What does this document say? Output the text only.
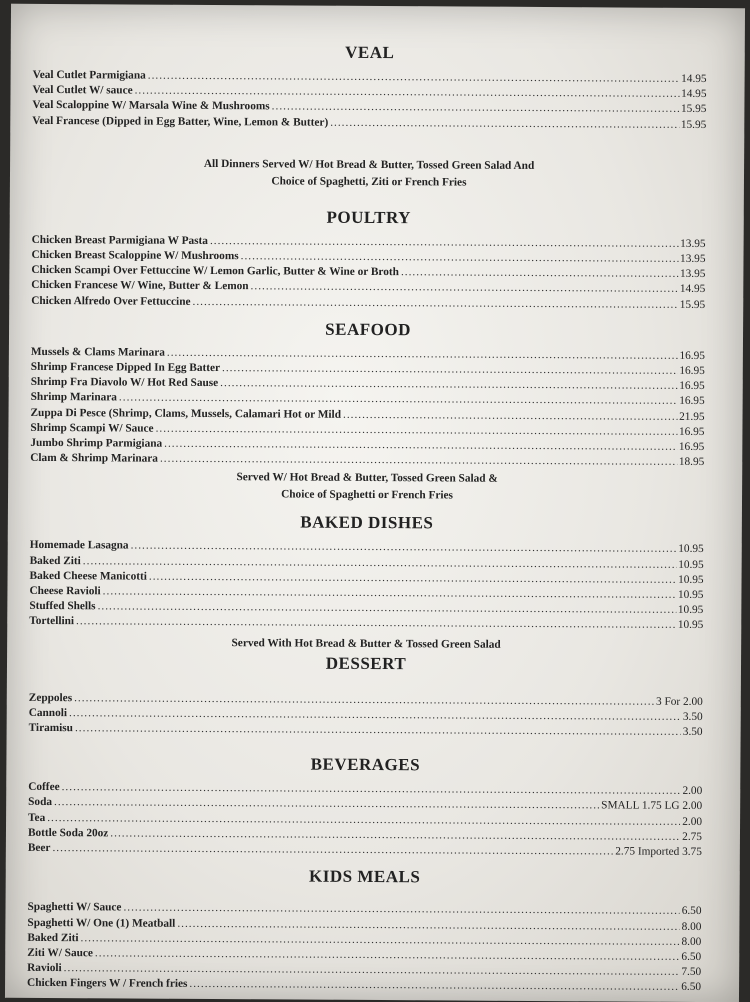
VEAL
Veal Cutlet Parmigiana .....	14.95
Veal Cutlet W/ sauce .....	14.95
Veal Scaloppine W/ Marsala Wine & Mushrooms .....	15.95
Veal Francese (Dipped in Egg Batter, Wine, Lemon & Butter) .....	15.95
All Dinners Served W/ Hot Bread & Butter, Tossed Green Salad And
Choice of Spaghetti, Ziti or French Fries
POULTRY
Chicken Breast Parmigiana W Pasta .....	13.95
Chicken Breast Scaloppine W/ Mushrooms .....	13.95
Chicken Scampi Over Fettuccine W/ Lemon Garlic, Butter & Wine or Broth .....	13.95
Chicken Francese W/ Wine, Butter & Lemon .....	14.95
Chicken Alfredo Over Fettuccine .....	15.95
SEAFOOD
Mussels & Clams Marinara .....	16.95
Shrimp Francese Dipped In Egg Batter .....	16.95
Shrimp Fra Diavolo W/ Hot Red Sause .....	16.95
Shrimp Marinara .....	16.95
Zuppa Di Pesce (Shrimp, Clams, Mussels, Calamari Hot or Mild .....	21.95
Shrimp Scampi W/ Sauce .....	16.95
Jumbo Shrimp Parmigiana .....	16.95
Clam & Shrimp Marinara .....	18.95
Served W/ Hot Bread & Butter, Tossed Green Salad &
Choice of Spaghetti or French Fries
BAKED DISHES
Homemade Lasagna .....	10.95
Baked Ziti .....	10.95
Baked Cheese Manicotti .....	10.95
Cheese Ravioli .....	10.95
Stuffed Shells .....	10.95
Tortellini .....	10.95
Served With Hot Bread & Butter & Tossed Green Salad
DESSERT
Zeppoles .....	3 For 2.00
Cannoli .....	3.50
Tiramisu .....	3.50
BEVERAGES
Coffee .....	2.00
Soda .....	SMALL 1.75 LG 2.00
Tea .....	2.00
Bottle Soda 20oz .....	2.75
Beer .....	2.75 Imported 3.75
KIDS MEALS
Spaghetti W/ Sauce .....	6.50
Spaghetti W/ One (1) Meatball .....	8.00
Baked Ziti .....	8.00
Ziti W/ Sauce .....	6.50
Ravioli .....	7.50
Chicken Fingers W / French fries .....	6.50
